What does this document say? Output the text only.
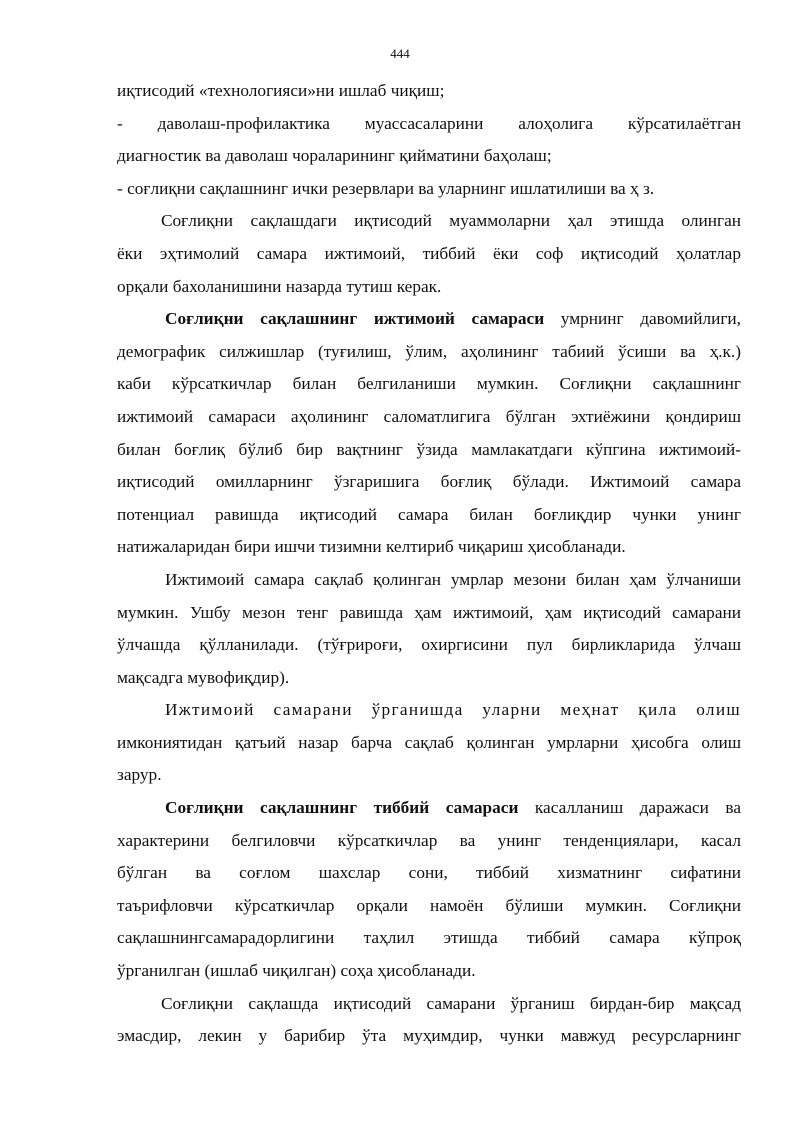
444
иқтисодий «технологияси»ни ишлаб чиқиш;
- даволаш-профилактика муассасаларини алоҳолига кўрсатилаётган
диагностик ва даволаш чораларининг қийматини баҳолаш;
- соғлиқни сақлашнинг ички резервлари ва уларнинг ишлатилиши ва ҳ з.
Соғлиқни сақлашдаги иқтисодий муаммоларни ҳал этишда олинган
ёки эҳтимолий самара ижтимоий, тиббий ёки соф иқтисодий ҳолатлар
орқали бахоланишини назарда тутиш керак.
Соғлиқни сақлашнинг ижтимоий самараси умрнинг давомийлиги,
демографик силжишлар (туғилиш, ўлим, аҳолининг табиий ўсиши ва ҳ.к.)
каби кўрсаткичлар билан белгиланиши мумкин. Соғлиқни сақлашнинг
ижтимоий самараси аҳолининг саломатлигига бўлган эхтиёжини қондириш
билан боғлиқ бўлиб бир вақтнинг ўзида мамлакатдаги кўпгина ижтимоий-
иқтисодий омилларнинг ўзгаришига боғлиқ бўлади. Ижтимоий самара
потенциал равишда иқтисодий самара билан боғлиқдир чунки унинг
натижаларидан бири ишчи тизимни келтириб чиқариш ҳисобланади.
Ижтимоий самара сақлаб қолинган умрлар мезони билан ҳам ўлчаниши
мумкин. Ушбу мезон тенг равишда ҳам ижтимоий, ҳам иқтисодий самарани
ўлчашда қўлланилади. (тўғрироғи, охиргисини пул бирликларида ўлчаш
мақсадга мувофиқдир).
Ижтимоий самарани ўрганишда уларни меҳнат қила олиш
имкониятидан қатъий назар барча сақлаб қолинган умрларни ҳисобга олиш
зарур.
Соғлиқни сақлашнинг тиббий самараси касалланиш даражаси ва
характерини белгиловчи кўрсаткичлар ва унинг тенденциялари, касал
бўлган ва соғлом шахслар сони, тиббий хизматнинг сифатини
таърифловчи кўрсаткичлар орқали намоён бўлиши мумкин. Соғлиқни
сақлашнингсамарадорлигини таҳлил этишда тиббий самара кўпроқ
ўрганилган (ишлаб чиқилган) соҳа ҳисобланади.
Соғлиқни сақлашда иқтисодий самарани ўрганиш бирдан-бир мақсад
эмасдир, лекин у барибир ўта муҳимдир, чунки мавжуд ресурсларнинг
